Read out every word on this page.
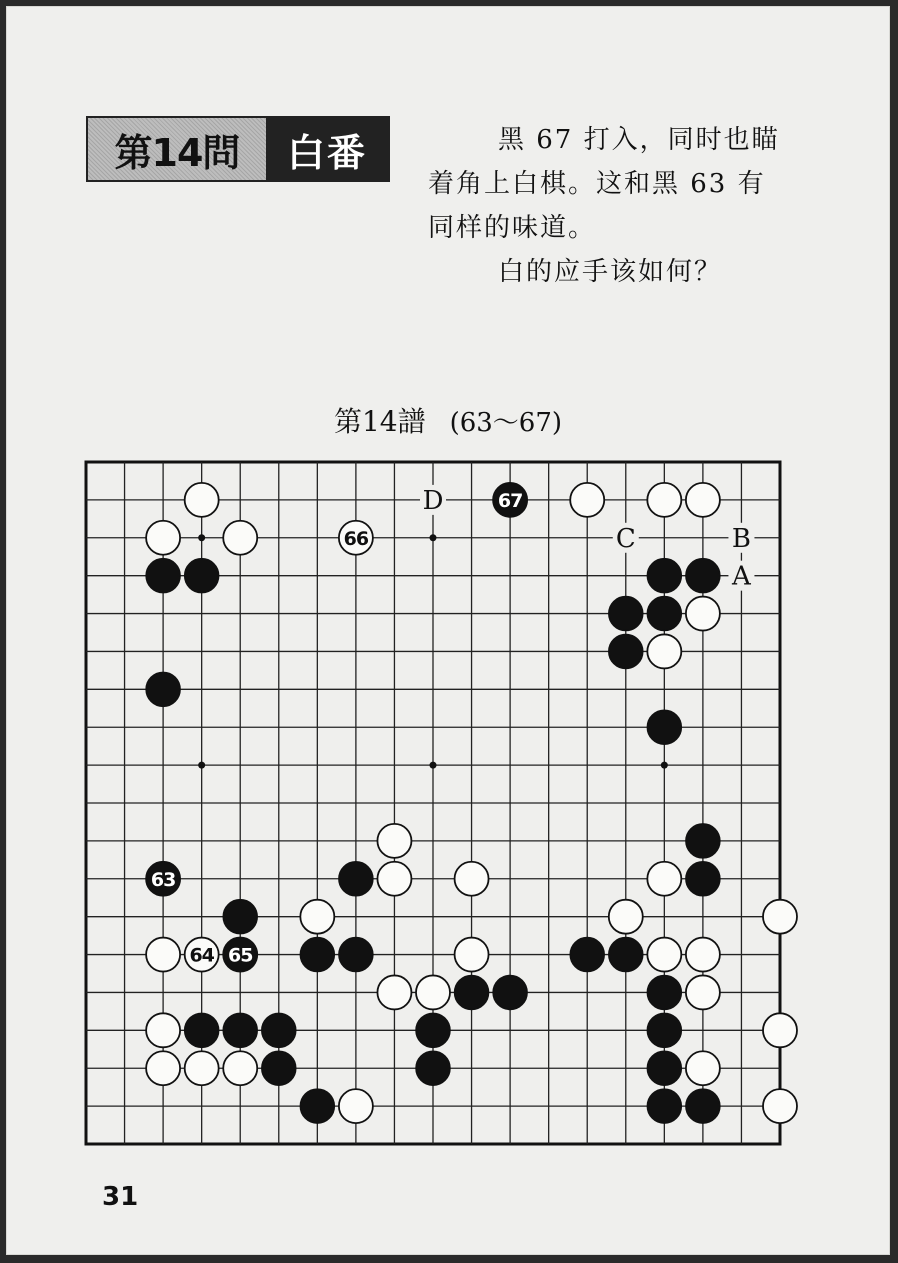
第14問	白番	黑 67 打入，同时也瞄

着角上白棋。这和黑 63 有

同样的味道。

白的应手该如何？

第14譜 (63～67)
63
64 65
66
67
D
C	B
A
31
